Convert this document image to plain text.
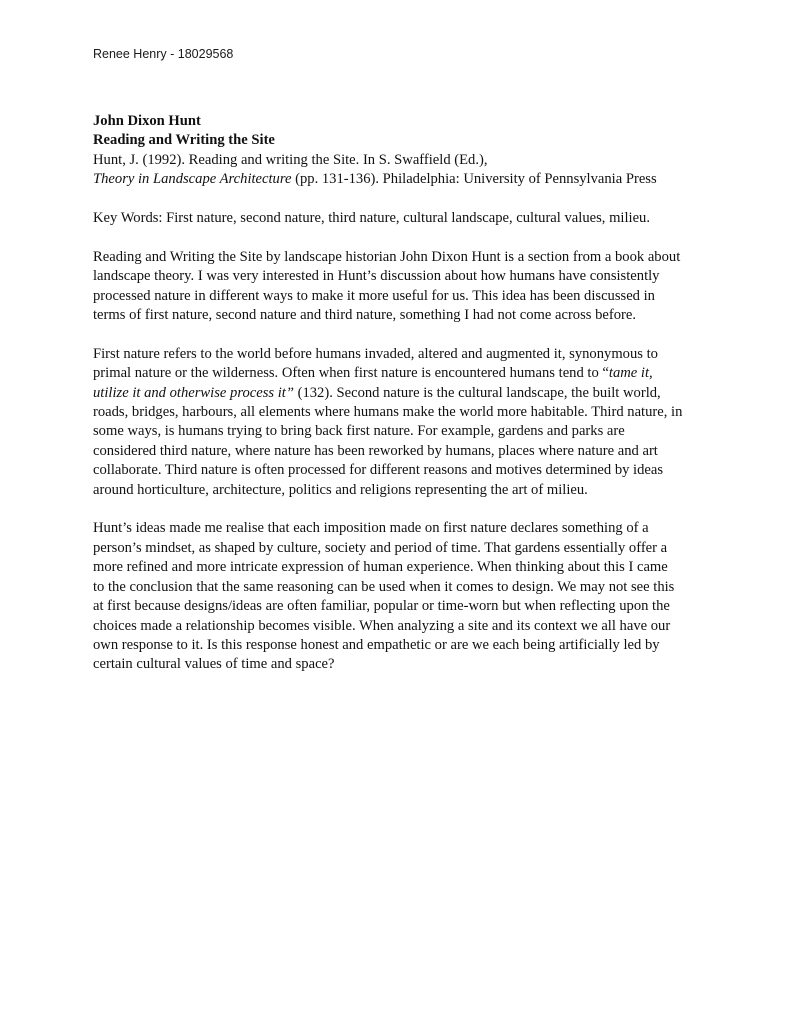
Renee Henry - 18029568
John Dixon Hunt
Reading and Writing the Site
Hunt, J. (1992). Reading and writing the Site. In S. Swaffield (Ed.),
Theory in Landscape Architecture (pp. 131-136). Philadelphia: University of Pennsylvania Press
Key Words: First nature, second nature, third nature, cultural landscape, cultural values, milieu.
Reading and Writing the Site by landscape historian John Dixon Hunt is a section from a book about
landscape theory. I was very interested in Hunt’s discussion about how humans have consistently
processed nature in different ways to make it more useful for us. This idea has been discussed in
terms of first nature, second nature and third nature, something I had not come across before.
First nature refers to the world before humans invaded, altered and augmented it, synonymous to
primal nature or the wilderness. Often when first nature is encountered humans tend to “tame it,
utilize it and otherwise process it” (132). Second nature is the cultural landscape, the built world,
roads, bridges, harbours, all elements where humans make the world more habitable. Third nature, in
some ways, is humans trying to bring back first nature. For example, gardens and parks are
considered third nature, where nature has been reworked by humans, places where nature and art
collaborate. Third nature is often processed for different reasons and motives determined by ideas
around horticulture, architecture, politics and religions representing the art of milieu.
Hunt’s ideas made me realise that each imposition made on first nature declares something of a
person’s mindset, as shaped by culture, society and period of time. That gardens essentially offer a
more refined and more intricate expression of human experience. When thinking about this I came
to the conclusion that the same reasoning can be used when it comes to design. We may not see this
at first because designs/ideas are often familiar, popular or time-worn but when reflecting upon the
choices made a relationship becomes visible. When analyzing a site and its context we all have our
own response to it. Is this response honest and empathetic or are we each being artificially led by
certain cultural values of time and space?
